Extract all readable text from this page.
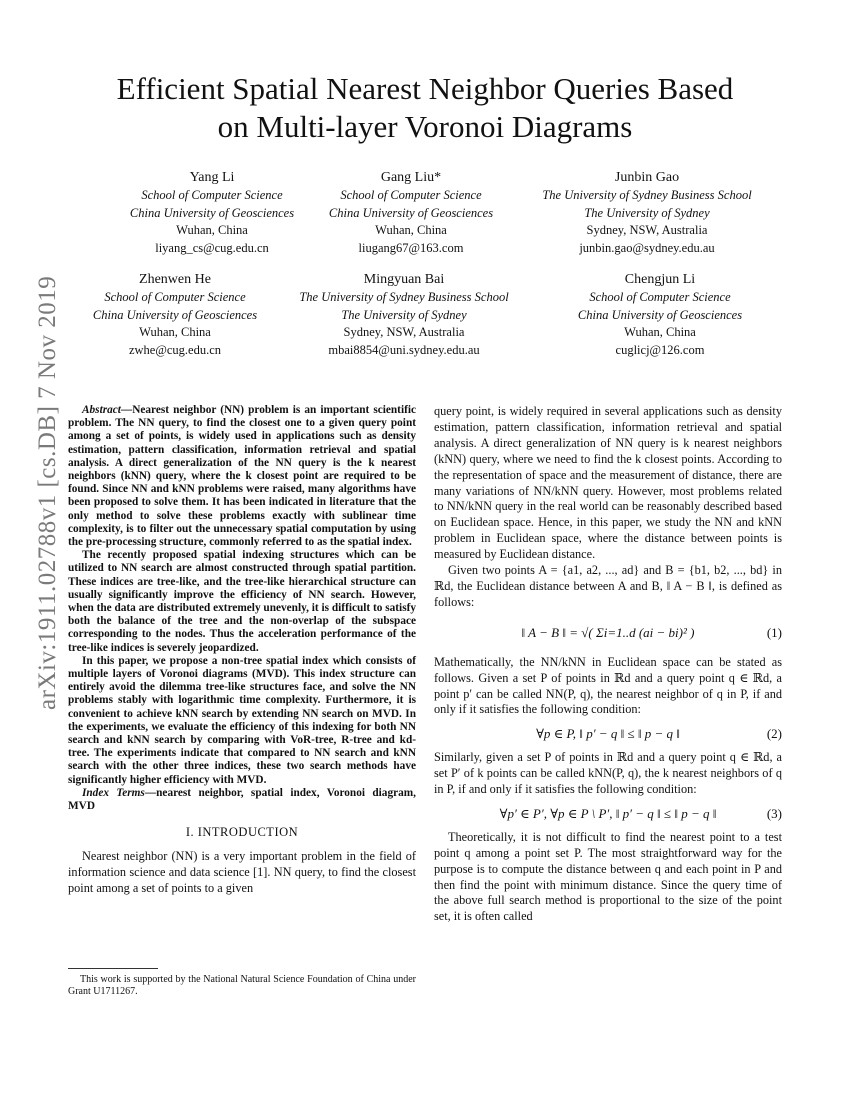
arXiv:1911.02788v1 [cs.DB] 7 Nov 2019
Efficient Spatial Nearest Neighbor Queries Based
on Multi-layer Voronoi Diagrams
Yang Li
School of Computer Science
China University of Geosciences
Wuhan, China
liyang_cs@cug.edu.cn
Gang Liu*
School of Computer Science
China University of Geosciences
Wuhan, China
liugang67@163.com
Junbin Gao
The University of Sydney Business School
The University of Sydney
Sydney, NSW, Australia
junbin.gao@sydney.edu.au
Zhenwen He
School of Computer Science
China University of Geosciences
Wuhan, China
zwhe@cug.edu.cn
Mingyuan Bai
The University of Sydney Business School
The University of Sydney
Sydney, NSW, Australia
mbai8854@uni.sydney.edu.au
Chengjun Li
School of Computer Science
China University of Geosciences
Wuhan, China
cuglicj@126.com

Abstract—Nearest neighbor (NN) problem is an important scientific problem. The NN query, to find the closest one to a given query point among a set of points, is widely used in applications such as density estimation, pattern classification, information retrieval and spatial analysis. A direct generalization of the NN query is the k nearest neighbors (kNN) query, where the k closest point are required to be found. Since NN and kNN problems were raised, many algorithms have been proposed to solve them. It has been indicated in literature that the only method to solve these problems exactly with sublinear time complexity, is to filter out the unnecessary spatial computation by using the pre-processing structure, commonly referred to as the spatial index.

The recently proposed spatial indexing structures which can be utilized to NN search are almost constructed through spatial partition. These indices are tree-like, and the tree-like hierarchical structure can usually significantly improve the efficiency of NN search. However, when the data are distributed extremely unevenly, it is difficult to satisfy both the balance of the tree and the non-overlap of the subspace corresponding to the nodes. Thus the acceleration performance of the tree-like indices is severely jeopardized.

In this paper, we propose a non-tree spatial index which consists of multiple layers of Voronoi diagrams (MVD). This index structure can entirely avoid the dilemma tree-like structures face, and solve the NN problems stably with logarithmic time complexity. Furthermore, it is convenient to achieve kNN search by extending NN search on MVD. In the experiments, we evaluate the efficiency of this indexing for both NN search and kNN search by comparing with VoR-tree, R-tree and kd-tree. The experiments indicate that compared to NN search and kNN search with the other three indices, these two search methods have significantly higher efficiency with MVD.

Index Terms—nearest neighbor, spatial index, Voronoi diagram, MVD

I. INTRODUCTION

Nearest neighbor (NN) is a very important problem in the field of information science and data science [1]. NN query, to find the closest point among a set of points to a given

This work is supported by the National Natural Science Foundation of China under Grant U1711267.

query point, is widely required in several applications such as density estimation, pattern classification, information retrieval and spatial analysis. A direct generalization of NN query is k nearest neighbors (kNN) query, where we need to find the k closest points. According to the representation of space and the measurement of distance, there are many variations of NN/kNN query. However, most problems related to NN/kNN query in the real world can be reasonably described based on Euclidean space. Hence, in this paper, we study the NN and kNN problem in Euclidean space, where the distance between points is measured by Euclidean distance.

Given two points A = {a1, a2, ..., ad} and B = {b1, b2, ..., bd} in ℝd, the Euclidean distance between A and B, ‖ A − B ‖, is defined as follows:

‖ A − B ‖ = √( Σi=1..d (ai − bi)² )	(1)

Mathematically, the NN/kNN in Euclidean space can be stated as follows. Given a set P of points in ℝd and a query point q ∈ ℝd, a point p′ can be called NN(P, q), the nearest neighbor of q in P, if and only if it satisfies the following condition:

∀p ∈ P, ‖ p′ − q ‖ ≤ ‖ p − q ‖	(2)

Similarly, given a set P of points in ℝd and a query point q ∈ ℝd, a set P′ of k points can be called kNN(P, q), the k nearest neighbors of q in P, if and only if it satisfies the following condition:

∀p′ ∈ P′, ∀p ∈ P \ P′, ‖ p′ − q ‖ ≤ ‖ p − q ‖	(3)

Theoretically, it is not difficult to find the nearest point to a test point q among a point set P. The most straightforward way for the purpose is to compute the distance between q and each point in P and then find the point with minimum distance. Since the query time of the above full search method is proportional to the size of the point set, it is often called
